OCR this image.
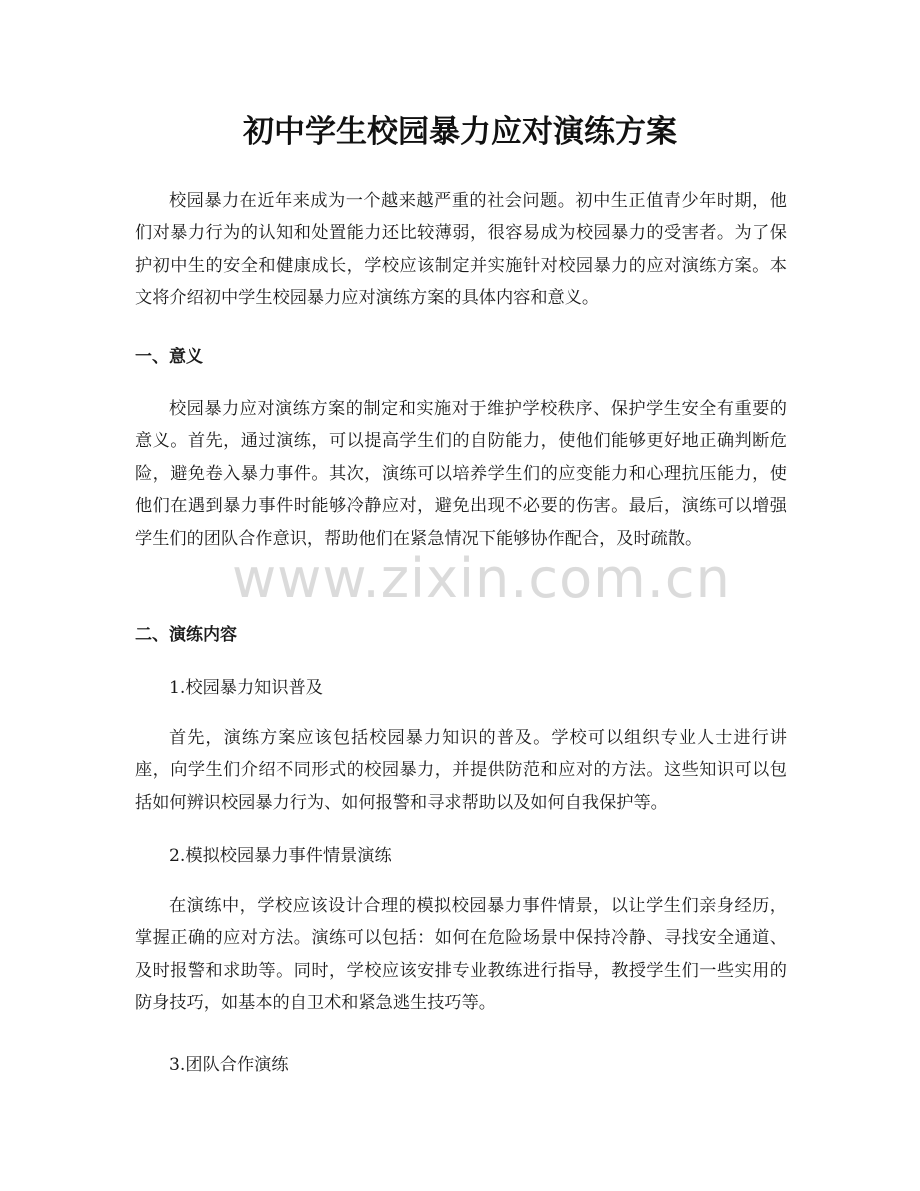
初中学生校园暴力应对演练方案

校园暴力在近年来成为一个越来越严重的社会问题。初中生正值青少年时期，他们对暴力行为的认知和处置能力还比较薄弱，很容易成为校园暴力的受害者。为了保护初中生的安全和健康成长，学校应该制定并实施针对校园暴力的应对演练方案。本文将介绍初中学生校园暴力应对演练方案的具体内容和意义。

一、意义

校园暴力应对演练方案的制定和实施对于维护学校秩序、保护学生安全有重要的意义。首先，通过演练，可以提高学生们的自防能力，使他们能够更好地正确判断危险，避免卷入暴力事件。其次，演练可以培养学生们的应变能力和心理抗压能力，使他们在遇到暴力事件时能够冷静应对，避免出现不必要的伤害。最后，演练可以增强学生们的团队合作意识，帮助他们在紧急情况下能够协作配合，及时疏散。

二、演练内容

1.校园暴力知识普及

首先，演练方案应该包括校园暴力知识的普及。学校可以组织专业人士进行讲座，向学生们介绍不同形式的校园暴力，并提供防范和应对的方法。这些知识可以包括如何辨识校园暴力行为、如何报警和寻求帮助以及如何自我保护等。

2.模拟校园暴力事件情景演练

在演练中，学校应该设计合理的模拟校园暴力事件情景，以让学生们亲身经历，掌握正确的应对方法。演练可以包括：如何在危险场景中保持冷静、寻找安全通道、及时报警和求助等。同时，学校应该安排专业教练进行指导，教授学生们一些实用的防身技巧，如基本的自卫术和紧急逃生技巧等。

3.团队合作演练

www.zixin.com.cn
